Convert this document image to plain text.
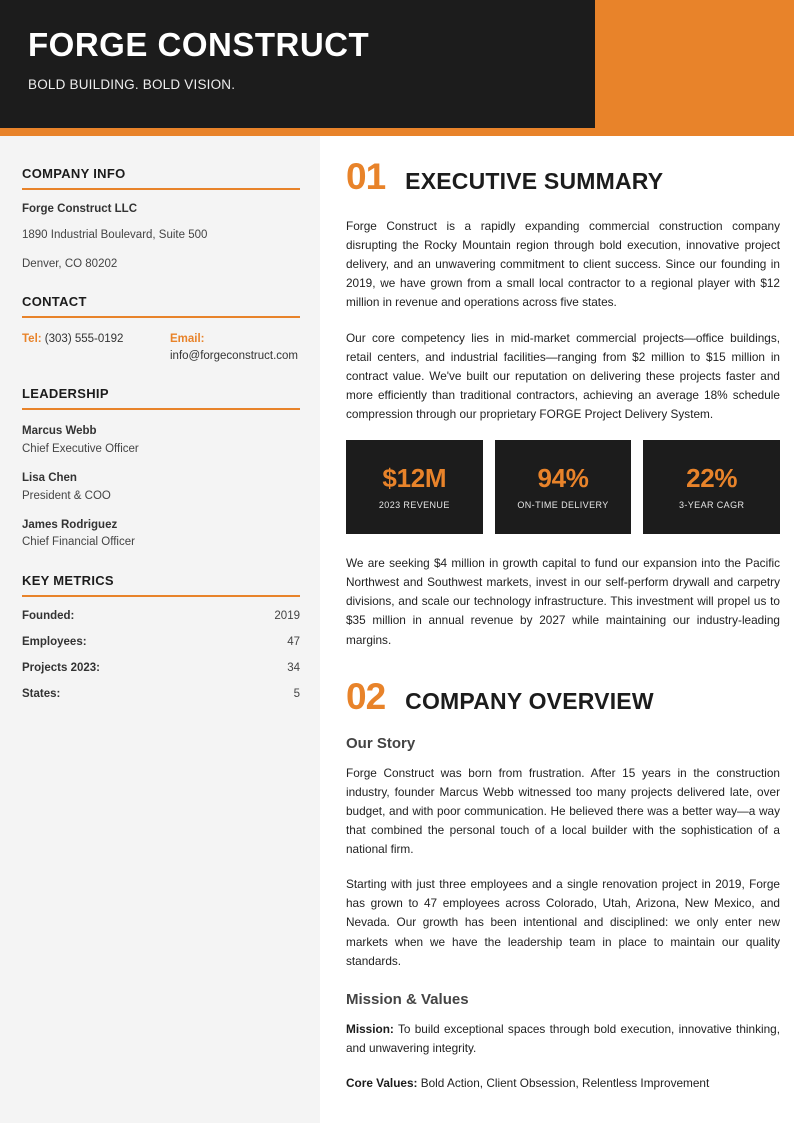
FORGE CONSTRUCT
BOLD BUILDING. BOLD VISION.
COMPANY INFO
Forge Construct LLC
1890 Industrial Boulevard, Suite 500
Denver, CO 80202
CONTACT
Tel: (303) 555-0192	Email:
info@forgeconstruct.com
LEADERSHIP
Marcus Webb
Chief Executive Officer
Lisa Chen
President & COO
James Rodriguez
Chief Financial Officer
KEY METRICS
Founded:	2019
Employees:	47
Projects 2023:	34
States:	5
01 EXECUTIVE SUMMARY

Forge Construct is a rapidly expanding commercial construction company disrupting the Rocky Mountain region through bold execution, innovative project delivery, and an unwavering commitment to client success. Since our founding in 2019, we have grown from a small local contractor to a regional player with $12 million in revenue and operations across five states.

Our core competency lies in mid-market commercial projects—office buildings, retail centers, and industrial facilities—ranging from $2 million to $15 million in contract value. We've built our reputation on delivering these projects faster and more efficiently than traditional contractors, achieving an average 18% schedule compression through our proprietary FORGE Project Delivery System.

$12M
2023 REVENUE
94%
ON-TIME DELIVERY
22%
3-YEAR CAGR

We are seeking $4 million in growth capital to fund our expansion into the Pacific Northwest and Southwest markets, invest in our self-perform drywall and carpetry divisions, and scale our technology infrastructure. This investment will propel us to $35 million in annual revenue by 2027 while maintaining our industry-leading margins.

02 COMPANY OVERVIEW
Our Story

Forge Construct was born from frustration. After 15 years in the construction industry, founder Marcus Webb witnessed too many projects delivered late, over budget, and with poor communication. He believed there was a better way—a way that combined the personal touch of a local builder with the sophistication of a national firm.

Starting with just three employees and a single renovation project in 2019, Forge has grown to 47 employees across Colorado, Utah, Arizona, New Mexico, and Nevada. Our growth has been intentional and disciplined: we only enter new markets when we have the leadership team in place to maintain our quality standards.

Mission & Values

Mission: To build exceptional spaces through bold execution, innovative thinking, and unwavering integrity.

Core Values: Bold Action, Client Obsession, Relentless Improvement
